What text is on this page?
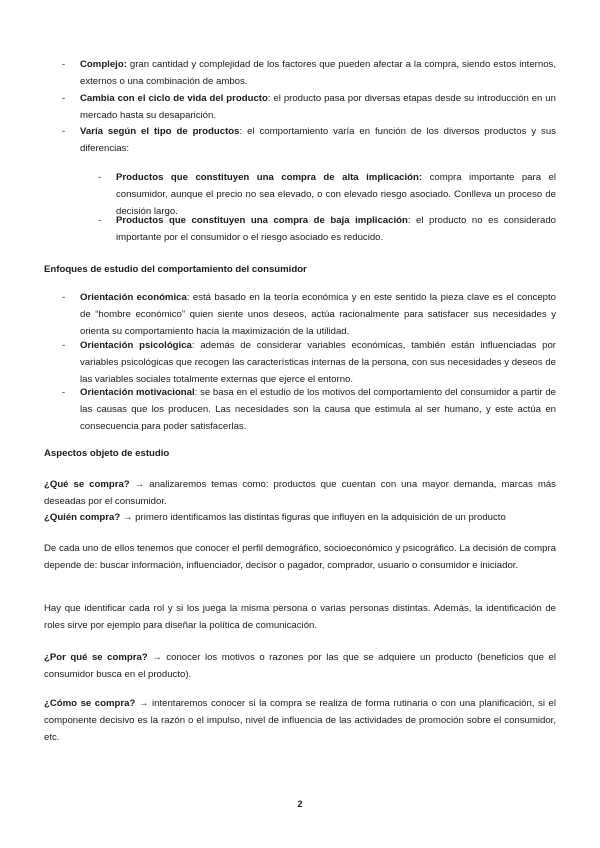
- Complejo: gran cantidad y complejidad de los factores que pueden afectar a la compra, siendo estos internos, externos o una combinación de ambos.
- Cambia con el ciclo de vida del producto: el producto pasa por diversas etapas desde su introducción en un mercado hasta su desaparición.
- Varía según el tipo de productos: el comportamiento varía en función de los diversos productos y sus diferencias:
- Productos que constituyen una compra de alta implicación: compra importante para el consumidor, aunque el precio no sea elevado, o con elevado riesgo asociado. Conlleva un proceso de decisión largo.
- Productos que constituyen una compra de baja implicación: el producto no es considerado importante por el consumidor o el riesgo asociado es reducido.
Enfoques de estudio del comportamiento del consumidor
- Orientación económica: está basado en la teoría económica y en este sentido la pieza clave es el concepto de “hombre económico” quien siente unos deseos, actúa racionalmente para satisfacer sus necesidades y orienta su comportamiento hacia la maximización de la utilidad.
- Orientación psicológica: además de considerar variables económicas, también están influenciadas por variables psicológicas que recogen las características internas de la persona, con sus necesidades y deseos de las variables sociales totalmente externas que ejerce el entorno.
- Orientación motivacional: se basa en el estudio de los motivos del comportamiento del consumidor a partir de las causas que los producen. Las necesidades son la causa que estimula al ser humano, y este actúa en consecuencia para poder satisfacerlas.
Aspectos objeto de estudio
¿Qué se compra? → analizaremos temas como: productos que cuentan con una mayor demanda, marcas más deseadas por el consumidor.
¿Quién compra? → primero identificamos las distintas figuras que influyen en la adquisición de un producto
De cada uno de ellos tenemos que conocer el perfil demográfico, socioeconómico y psicográfico. La decisión de compra depende de: buscar información, influenciador, decisor o pagador, comprador, usuario o consumidor e iniciador.
Hay que identificar cada rol y si los juega la misma persona o varias personas distintas. Además, la identificación de roles sirve por ejemplo para diseñar la política de comunicación.
¿Por qué se compra? → conocer los motivos o razones por las que se adquiere un producto (beneficios que el consumidor busca en el producto).
¿Cómo se compra? → intentaremos conocer si la compra se realiza de forma rutinaria o con una planificación, si el componente decisivo es la razón o el impulso, nivel de influencia de las actividades de promoción sobre el consumidor, etc.
2
